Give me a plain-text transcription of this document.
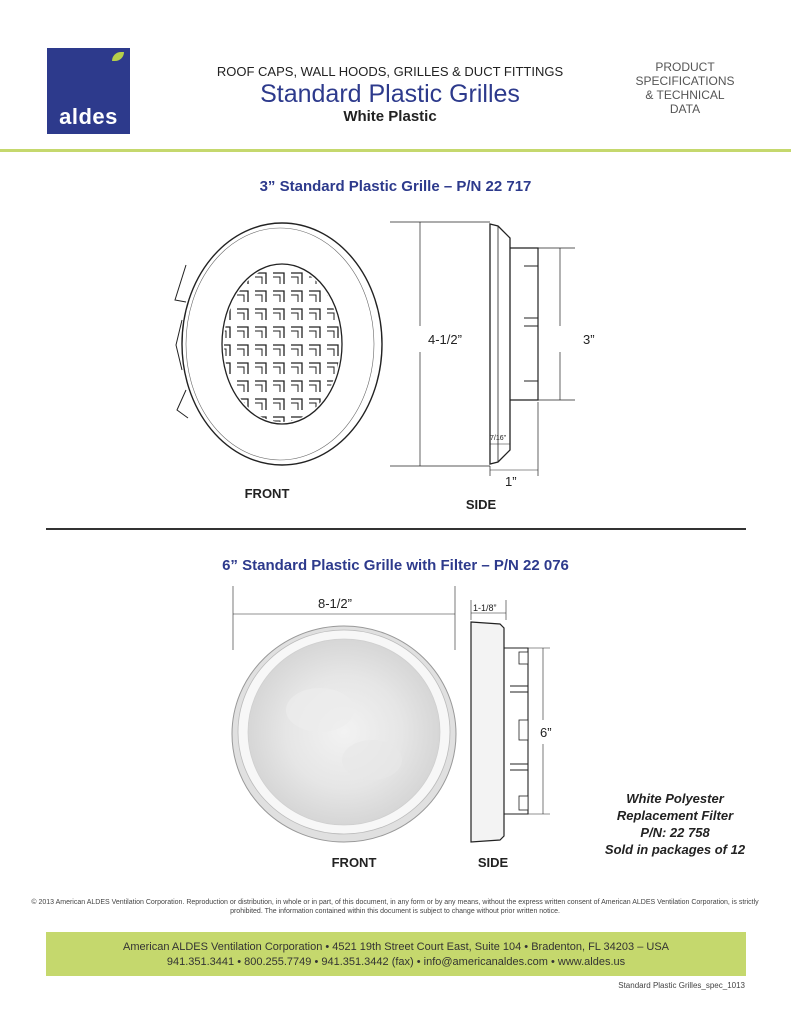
aldes
ROOF CAPS, WALL HOODS, GRILLES & DUCT FITTINGS
Standard Plastic Grilles
White Plastic
PRODUCT
SPECIFICATIONS
& TECHNICAL
DATA
3” Standard Plastic Grille – P/N 22 717
4-1/2”	3”
7/16”
1”
FRONT
SIDE
6” Standard Plastic Grille with Filter – P/N 22 076
8-1/2”	1-1/8”
6”
FRONT	SIDE
White Polyester
Replacement Filter
P/N: 22 758
Sold in packages of 12
© 2013 American ALDES Ventilation Corporation. Reproduction or distribution, in whole or in part, of this document, in any form or by any means, without the express written consent of American ALDES Ventilation Corporation, is strictly prohibited. The information contained within this document is subject to change without prior written notice.
American ALDES Ventilation Corporation • 4521 19th Street Court East, Suite 104 • Bradenton, FL 34203 – USA
941.351.3441 • 800.255.7749 • 941.351.3442 (fax) • info@americanaldes.com • www.aldes.us
Standard Plastic Grilles_spec_1013
